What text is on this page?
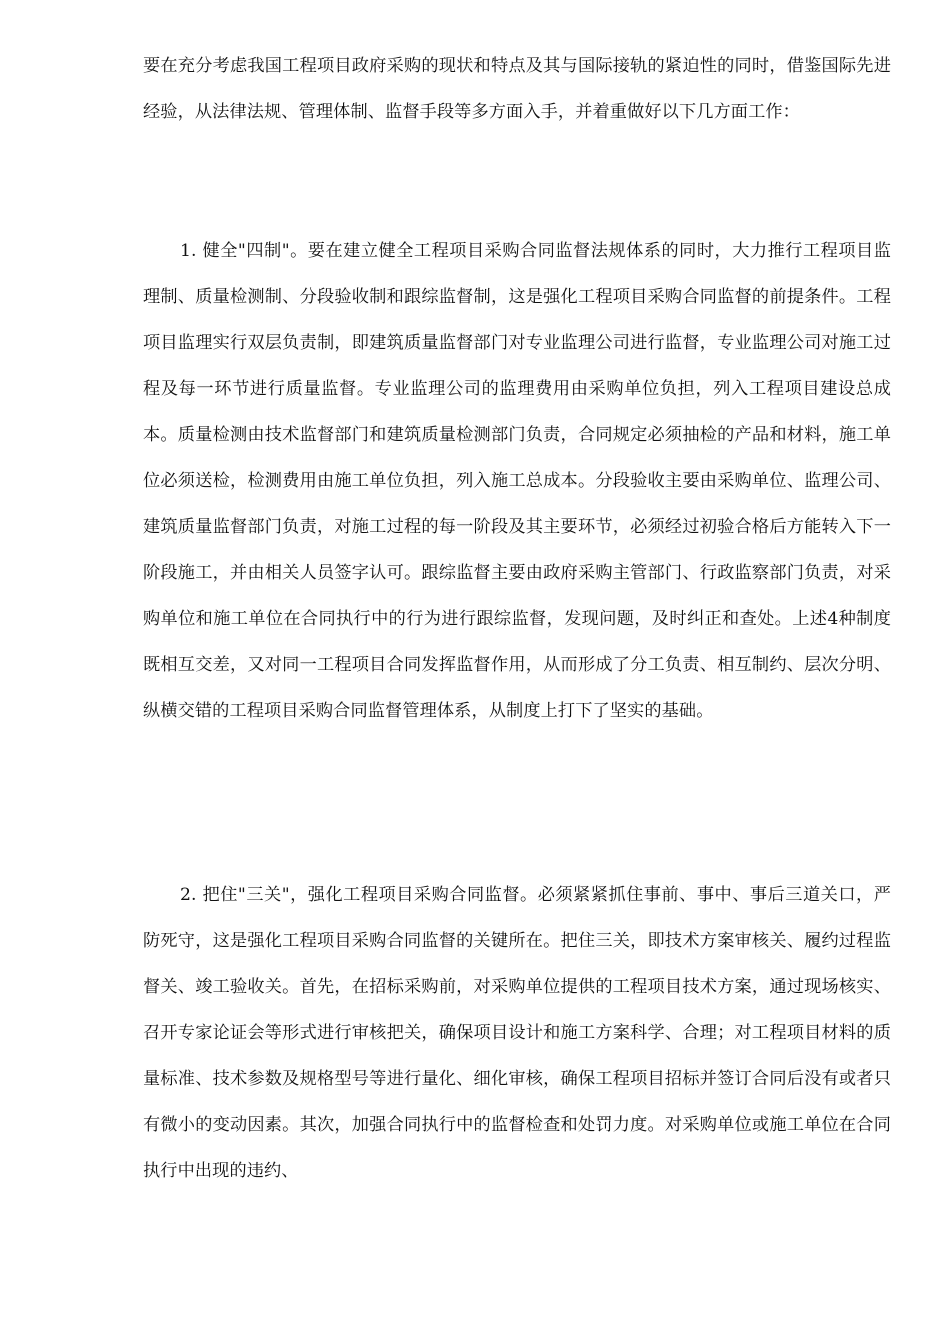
要在充分考虑我国工程项目政府采购的现状和特点及其与国际接轨的紧迫性的同时，借鉴国际先进经验，从法律法规、管理体制、监督手段等多方面入手，并着重做好以下几方面工作：

1. 健全"四制"。要在建立健全工程项目采购合同监督法规体系的同时，大力推行工程项目监理制、质量检测制、分段验收制和跟综监督制，这是强化工程项目采购合同监督的前提条件。工程项目监理实行双层负责制，即建筑质量监督部门对专业监理公司进行监督，专业监理公司对施工过程及每一环节进行质量监督。专业监理公司的监理费用由采购单位负担，列入工程项目建设总成本。质量检测由技术监督部门和建筑质量检测部门负责，合同规定必须抽检的产品和材料，施工单位必须送检，检测费用由施工单位负担，列入施工总成本。分段验收主要由采购单位、监理公司、建筑质量监督部门负责，对施工过程的每一阶段及其主要环节，必须经过初验合格后方能转入下一阶段施工，并由相关人员签字认可。跟综监督主要由政府采购主管部门、行政监察部门负责，对采购单位和施工单位在合同执行中的行为进行跟综监督，发现问题，及时纠正和查处。上述4种制度既相互交差，又对同一工程项目合同发挥监督作用，从而形成了分工负责、相互制约、层次分明、纵横交错的工程项目采购合同监督管理体系，从制度上打下了坚实的基础。

2. 把住"三关"，强化工程项目采购合同监督。必须紧紧抓住事前、事中、事后三道关口，严防死守，这是强化工程项目采购合同监督的关键所在。把住三关，即技术方案审核关、履约过程监督关、竣工验收关。首先，在招标采购前，对采购单位提供的工程项目技术方案，通过现场核实、召开专家论证会等形式进行审核把关，确保项目设计和施工方案科学、合理；对工程项目材料的质量标准、技术参数及规格型号等进行量化、细化审核，确保工程项目招标并签订合同后没有或者只有微小的变动因素。其次，加强合同执行中的监督检查和处罚力度。对采购单位或施工单位在合同执行中出现的违约、
